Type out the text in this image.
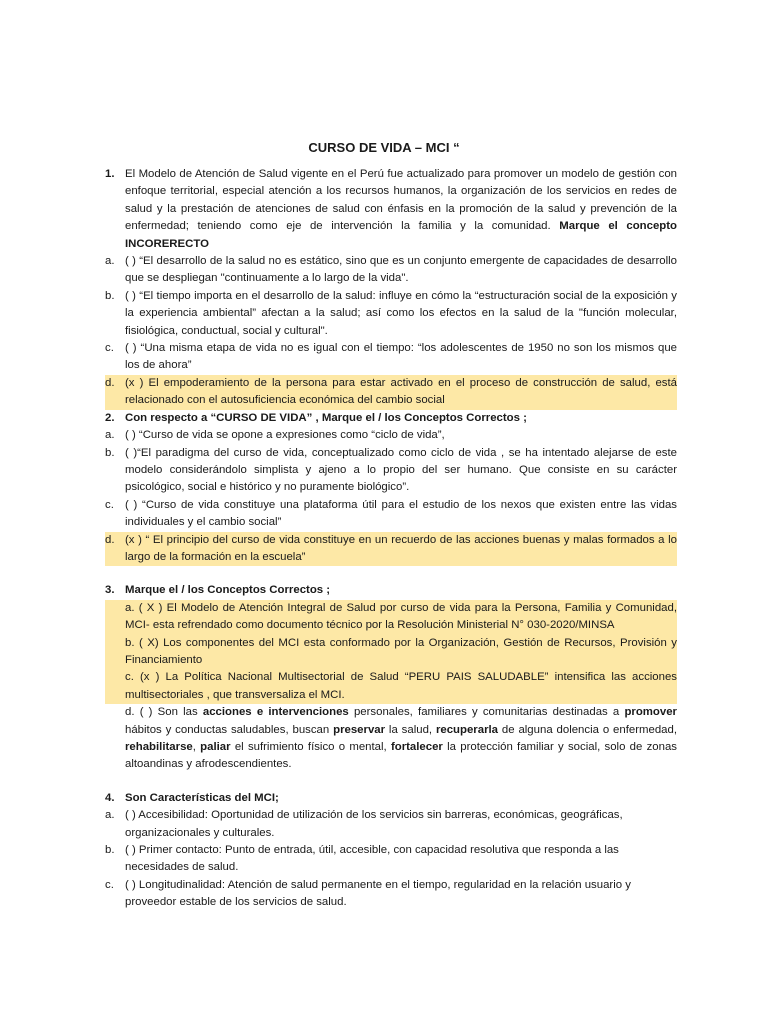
CURSO DE VIDA – MCI “
1. El Modelo de Atención de Salud vigente en el Perú fue actualizado para promover un modelo de gestión con enfoque territorial, especial atención a los recursos humanos, la organización de los servicios en redes de salud y la prestación de atenciones de salud con énfasis en la promoción de la salud y prevención de la enfermedad; teniendo como eje de intervención la familia y la comunidad. Marque el concepto INCORERECTO
a. ( ) “El desarrollo de la salud no es estático, sino que es un conjunto emergente de capacidades de desarrollo que se despliegan "continuamente a lo largo de la vida".
b. ( ) “El tiempo importa en el desarrollo de la salud: influye en cómo la “estructuración social de la exposición y la experiencia ambiental” afectan a la salud; así como los efectos en la salud de la "función molecular, fisiológica, conductual, social y cultural".
c. ( ) “Una misma etapa de vida no es igual con el tiempo: “los adolescentes de 1950 no son los mismos que los de ahora”
d. (x ) El empoderamiento de la persona para estar activado en el proceso de construcción de salud, está relacionado con el autosuficiencia económica del cambio social
2. Con respecto a “CURSO DE VIDA” , Marque el / los Conceptos Correctos ;
a. ( ) “Curso de vida se opone a expresiones como “ciclo de vida”,
b. ( )“El paradigma del curso de vida, conceptualizado como ciclo de vida , se ha intentado alejarse de este modelo considerándolo simplista y ajeno a lo propio del ser humano. Que consiste en su carácter psicológico, social e histórico y no puramente biológico”.
c. ( ) “Curso de vida constituye una plataforma útil para el estudio de los nexos que existen entre las vidas individuales y el cambio social”
d. (x ) “ El principio del curso de vida constituye en un recuerdo de las acciones buenas y malas formados a lo largo de la formación en la escuela”
3. Marque el / los Conceptos Correctos ;
a. ( X ) El Modelo de Atención Integral de Salud por curso de vida para la Persona, Familia y Comunidad, MCI- esta refrendado como documento técnico por la Resolución Ministerial N° 030-2020/MINSA
b. ( X) Los componentes del MCI esta conformado por la Organización, Gestión de Recursos, Provisión y Financiamiento
c. (x ) La Política Nacional Multisectorial de Salud “PERU PAIS SALUDABLE” intensifica las acciones multisectoriales , que transversaliza el MCI.
d. ( ) Son las acciones e intervenciones personales, familiares y comunitarias destinadas a promover hábitos y conductas saludables, buscan preservar la salud, recuperarla de alguna dolencia o enfermedad, rehabilitarse, paliar el sufrimiento físico o mental, fortalecer la protección familiar y social, solo de zonas altoandinas y afrodescendientes.
4. Son Características del MCI;
a. ( ) Accesibilidad: Oportunidad de utilización de los servicios sin barreras, económicas, geográficas, organizacionales y culturales.
b. ( ) Primer contacto: Punto de entrada, útil, accesible, con capacidad resolutiva que responda a las necesidades de salud.
c. ( ) Longitudinalidad: Atención de salud permanente en el tiempo, regularidad en la relación usuario y proveedor estable de los servicios de salud.
